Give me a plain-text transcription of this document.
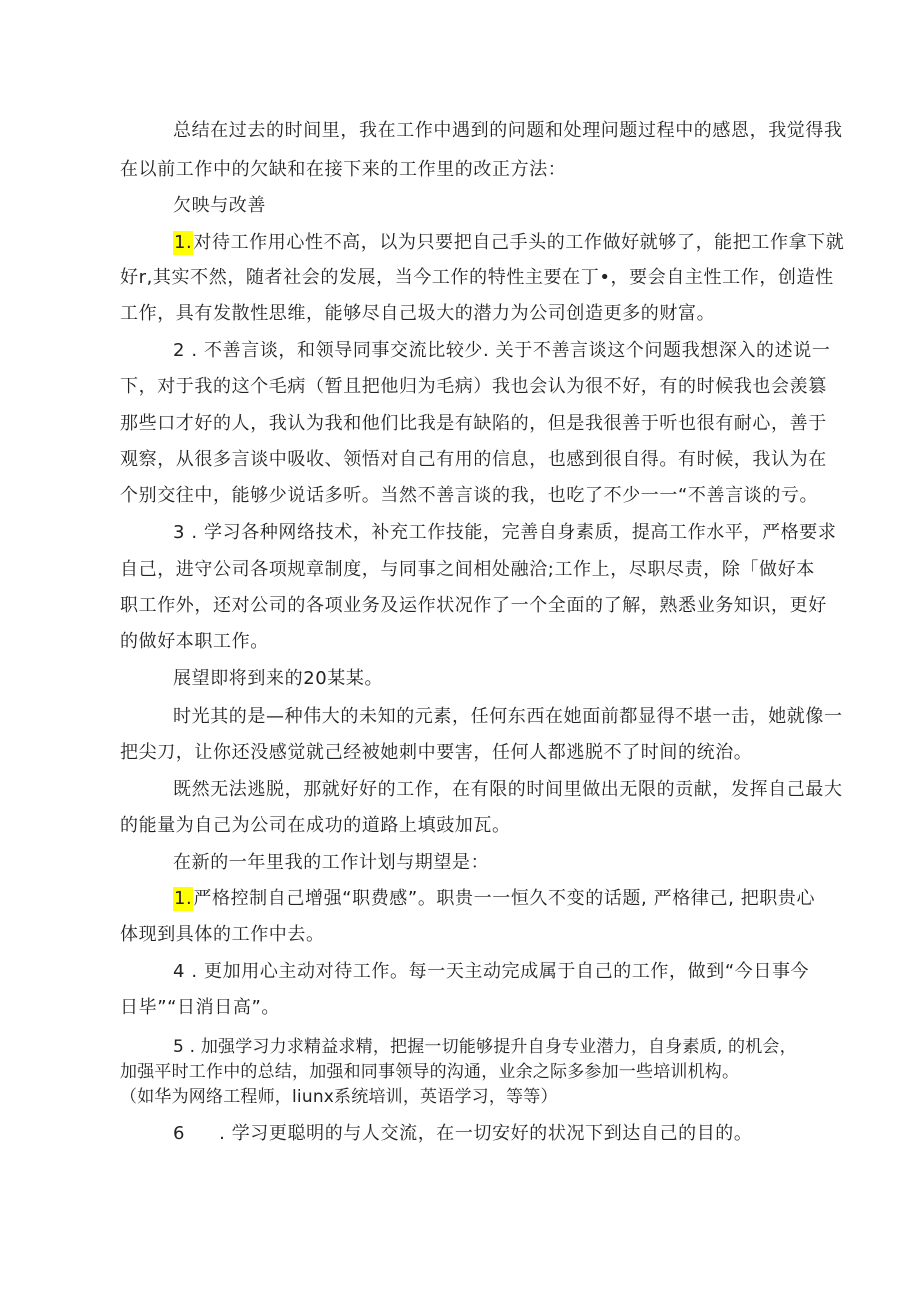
总结在过去的时间里，我在工作中遇到的问题和处理问题过程中的感恩，我觉得我
在以前工作中的欠缺和在接下来的工作里的改正方法：
欠映与改善
1.对待工作用心性不高，以为只要把自己手头的工作做好就够了，能把工作拿下就
好r,其实不然，随者社会的发展，当今工作的特性主要在丁•，要会自主性工作，创造性
工作，具有发散性思维，能够尽自己圾大的潜力为公司创造更多的财富。
2 . 不善言谈，和领导同事交流比较少. 关于不善言谈这个问题我想深入的述说一
下，对于我的这个毛病（暂且把他归为毛病）我也会认为很不好，有的时候我也会羡篡
那些口才好的人，我认为我和他们比我是有缺陷的，但是我很善于听也很有耐心，善于
观察，从很多言谈中吸收、领悟对自己有用的信息，也感到很自得。有时候，我认为在
个别交往中，能够少说话多听。当然不善言谈的我，也吃了不少一一“不善言谈的亏。
3 . 学习各种网络技术，补充工作技能，完善自身素质，提高工作水平，严格要求
自己，进守公司各项规章制度，与同事之间相处融洽;工作上，尽职尽责，除「做好本
职工作外，还对公司的各项业务及运作状况作了一个全面的了解，熟悉业务知识，更好
的做好本职工作。
展望即将到来的20某某。
时光其的是—种伟大的未知的元素，任何东西在她面前都显得不堪一击，她就像一
把尖刀，让你还没感觉就己经被她刺中要害，任何人都逃脱不了时间的统治。
既然无法逃脱，那就好好的工作，在有限的时间里做出无限的贡献，发挥自己最大
的能量为自己为公司在成功的道路上填豉加瓦。
在新的一年里我的工作计划与期望是：
1.严格控制自己增强“职费感”。职贵一一恒久不变的话题, 严格律己, 把职贵心
体现到具体的工作中去。
4 . 更加用心主动对待工作。每一天主动完成属于自己的工作，做到“今日事今
日毕”“日消日高”。
5 . 加强学习力求精益求精，把握一切能够提升自身专业潜力，自身素质, 的机会，
加强平时工作中的总结，加强和同事领导的沟通，业余之际多参加一些培训机构。
（如华为网络工程师，liunx系统培训，英语学习，等等）
6 . 学习更聪明的与人交流，在一切安好的状况下到达自己的目的。
